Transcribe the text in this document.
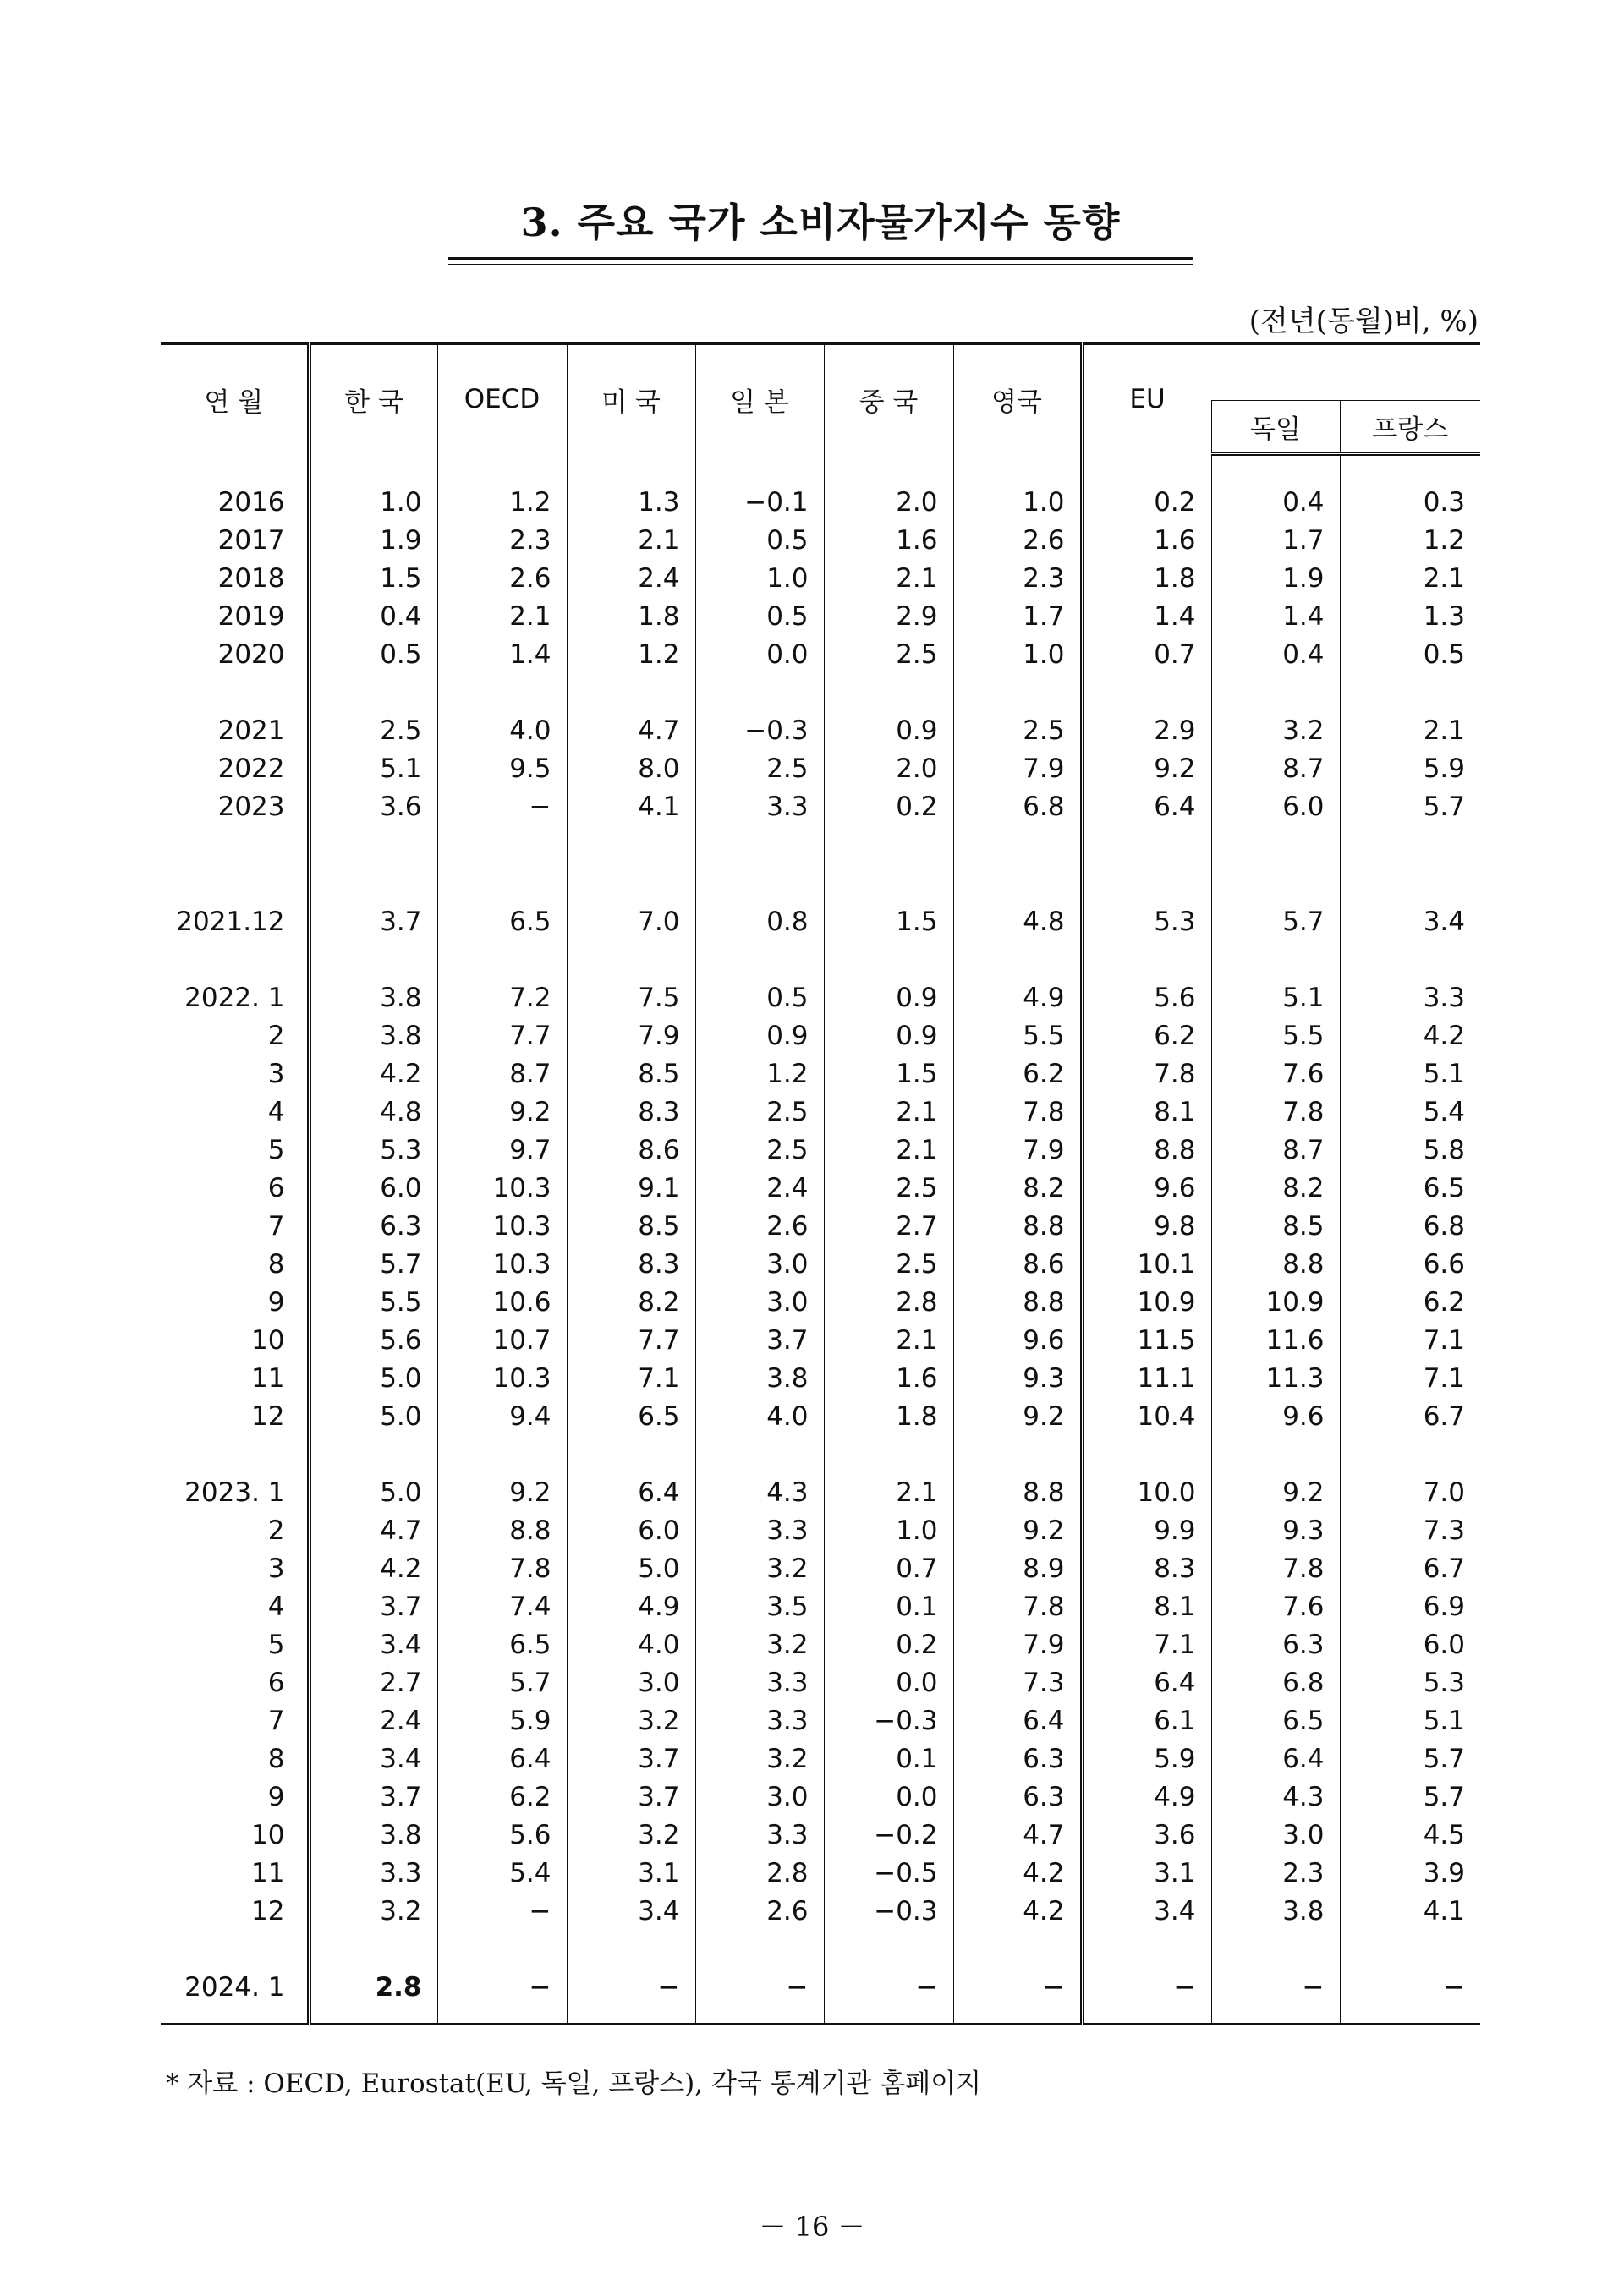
3. 주요 국가 소비자물가지수 동향
(전년(동월)비, %)
연 월	한 국	OECD	미 국	일 본	중 국	영국	EU		
								독일	프랑스

2016	1.0	1.2	1.3	−0.1	2.0	1.0	0.2	0.4	0.3
2017	1.9	2.3	2.1	0.5	1.6	2.6	1.6	1.7	1.2
2018	1.5	2.6	2.4	1.0	2.1	2.3	1.8	1.9	2.1
2019	0.4	2.1	1.8	0.5	2.9	1.7	1.4	1.4	1.3
2020	0.5	1.4	1.2	0.0	2.5	1.0	0.7	0.4	0.5

2021	2.5	4.0	4.7	−0.3	0.9	2.5	2.9	3.2	2.1
2022	5.1	9.5	8.0	2.5	2.0	7.9	9.2	8.7	5.9
2023	3.6	−	4.1	3.3	0.2	6.8	6.4	6.0	5.7

2021.12	3.7	6.5	7.0	0.8	1.5	4.8	5.3	5.7	3.4

2022. 1	3.8	7.2	7.5	0.5	0.9	4.9	5.6	5.1	3.3
2	3.8	7.7	7.9	0.9	0.9	5.5	6.2	5.5	4.2
3	4.2	8.7	8.5	1.2	1.5	6.2	7.8	7.6	5.1
4	4.8	9.2	8.3	2.5	2.1	7.8	8.1	7.8	5.4
5	5.3	9.7	8.6	2.5	2.1	7.9	8.8	8.7	5.8
6	6.0	10.3	9.1	2.4	2.5	8.2	9.6	8.2	6.5
7	6.3	10.3	8.5	2.6	2.7	8.8	9.8	8.5	6.8
8	5.7	10.3	8.3	3.0	2.5	8.6	10.1	8.8	6.6
9	5.5	10.6	8.2	3.0	2.8	8.8	10.9	10.9	6.2
10	5.6	10.7	7.7	3.7	2.1	9.6	11.5	11.6	7.1
11	5.0	10.3	7.1	3.8	1.6	9.3	11.1	11.3	7.1
12	5.0	9.4	6.5	4.0	1.8	9.2	10.4	9.6	6.7

2023. 1	5.0	9.2	6.4	4.3	2.1	8.8	10.0	9.2	7.0
2	4.7	8.8	6.0	3.3	1.0	9.2	9.9	9.3	7.3
3	4.2	7.8	5.0	3.2	0.7	8.9	8.3	7.8	6.7
4	3.7	7.4	4.9	3.5	0.1	7.8	8.1	7.6	6.9
5	3.4	6.5	4.0	3.2	0.2	7.9	7.1	6.3	6.0
6	2.7	5.7	3.0	3.3	0.0	7.3	6.4	6.8	5.3
7	2.4	5.9	3.2	3.3	−0.3	6.4	6.1	6.5	5.1
8	3.4	6.4	3.7	3.2	0.1	6.3	5.9	6.4	5.7
9	3.7	6.2	3.7	3.0	0.0	6.3	4.9	4.3	5.7
10	3.8	5.6	3.2	3.3	−0.2	4.7	3.6	3.0	4.5
11	3.3	5.4	3.1	2.8	−0.5	4.2	3.1	2.3	3.9
12	3.2	−	3.4	2.6	−0.3	4.2	3.4	3.8	4.1

2024. 1	2.8	−	−	−	−	−	−	−	−

* 자료 : OECD, Eurostat(EU, 독일, 프랑스), 각국 통계기관 홈페이지
－ 16 －
